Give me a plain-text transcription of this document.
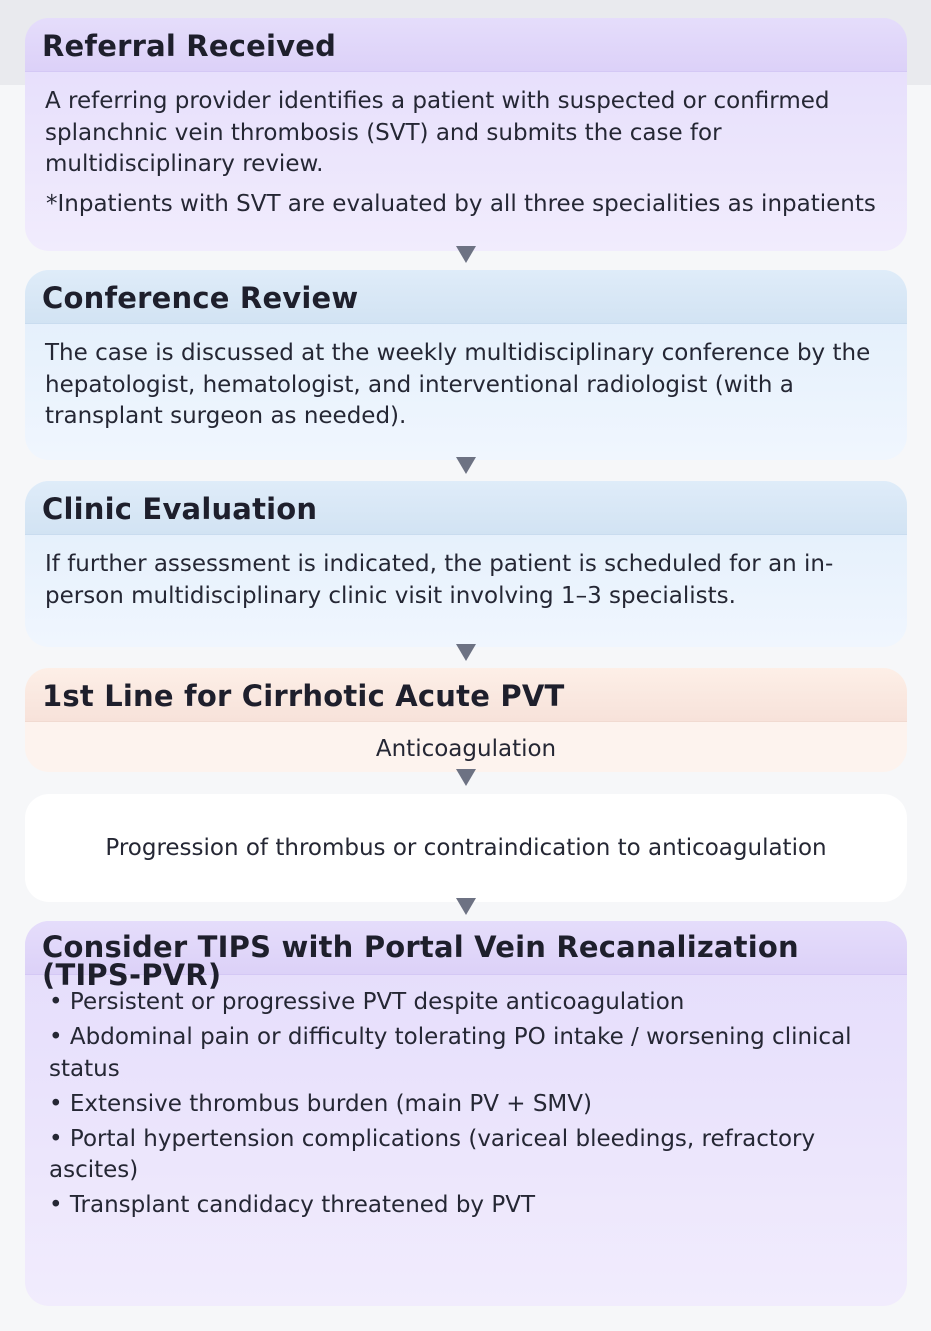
Referral Received

A referring provider identifies a patient with suspected or confirmed splanchnic vein thrombosis (SVT) and submits the case for multidisciplinary review.

*Inpatients with SVT are evaluated by all three specialities as inpatients

Conference Review

The case is discussed at the weekly multidisciplinary conference by the hepatologist, hematologist, and interventional radiologist (with a transplant surgeon as needed).

Clinic Evaluation

If further assessment is indicated, the patient is scheduled for an in-person multidisciplinary clinic visit involving 1–3 specialists.

1st Line for Cirrhotic Acute PVT
Anticoagulation
Progression of thrombus or contraindication to anticoagulation
Consider TIPS with Portal Vein Recanalization (TIPS-PVR)
• Persistent or progressive PVT despite anticoagulation
• Abdominal pain or difficulty tolerating PO intake / worsening clinical status
• Extensive thrombus burden (main PV + SMV)
• Portal hypertension complications (variceal bleedings, refractory ascites)
• Transplant candidacy threatened by PVT
